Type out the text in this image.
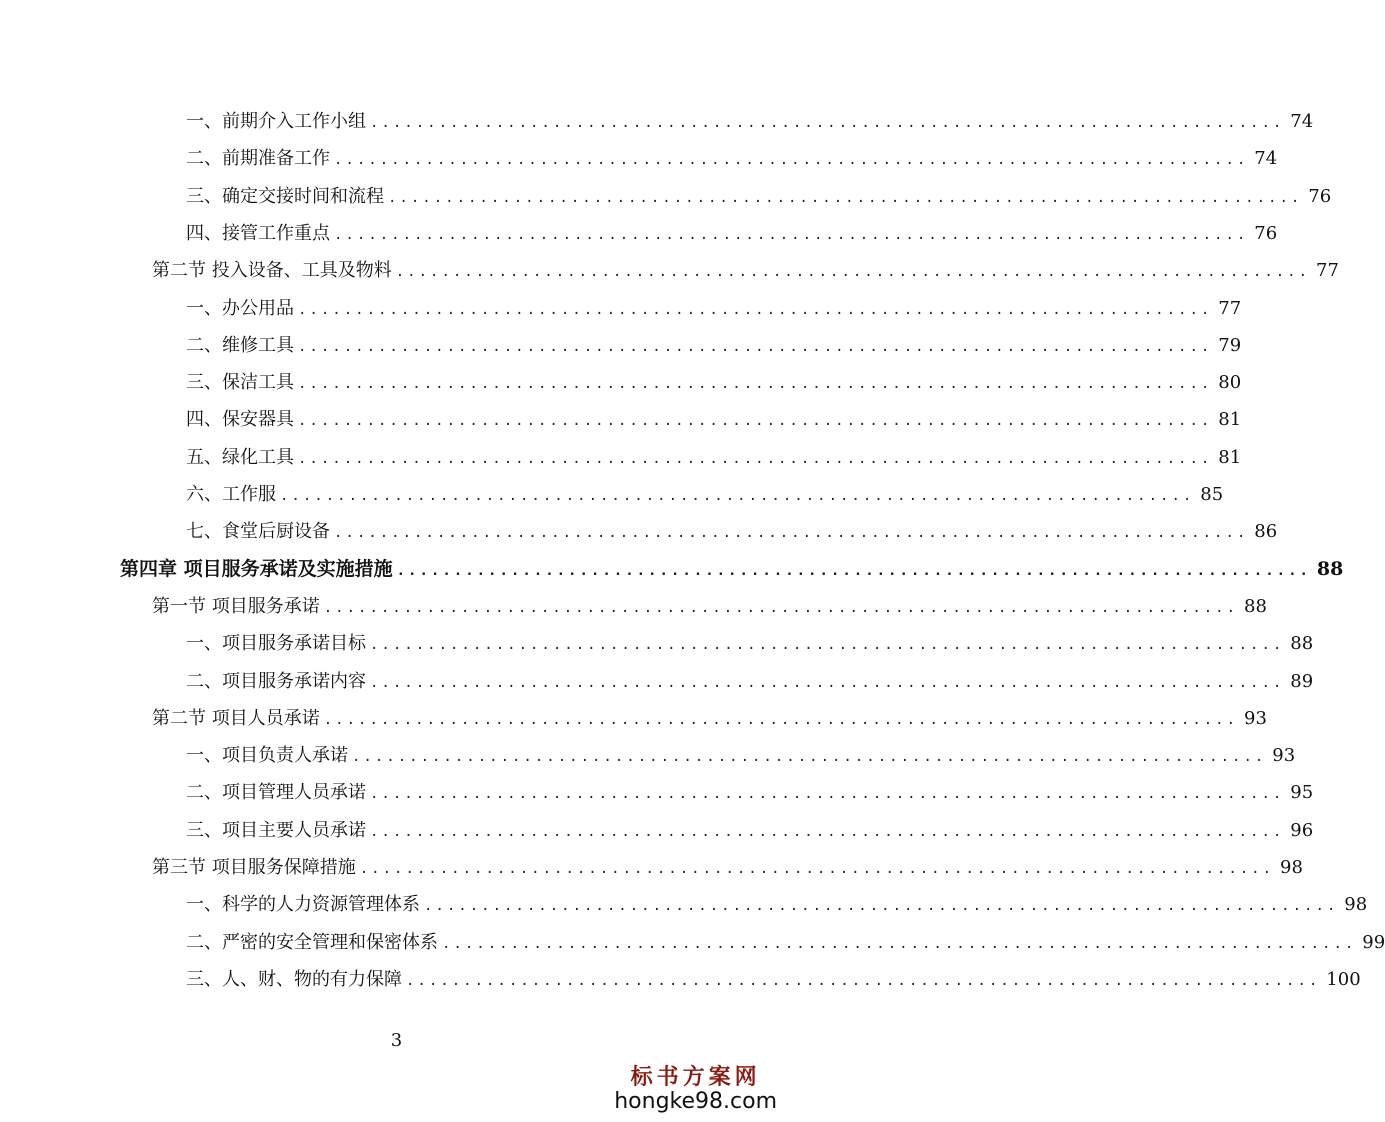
一、前期介入工作小组 ................................................................................ 74
二、前期准备工作 ................................................................................ 74
三、确定交接时间和流程 ................................................................................ 76
四、接管工作重点 ................................................................................ 76
第二节 投入设备、工具及物料 ................................................................................ 77
一、办公用品 ................................................................................ 77
二、维修工具 ................................................................................ 79
三、保洁工具 ................................................................................ 80
四、保安器具 ................................................................................ 81
五、绿化工具 ................................................................................ 81
六、工作服 ................................................................................ 85
七、食堂后厨设备 ................................................................................ 86
第四章 项目服务承诺及实施措施 ................................................................................ 88
第一节 项目服务承诺 ................................................................................ 88
一、项目服务承诺目标 ................................................................................ 88
二、项目服务承诺内容 ................................................................................ 89
第二节 项目人员承诺 ................................................................................ 93
一、项目负责人承诺 ................................................................................ 93
二、项目管理人员承诺 ................................................................................ 95
三、项目主要人员承诺 ................................................................................ 96
第三节 项目服务保障措施 ................................................................................ 98
一、科学的人力资源管理体系 ................................................................................ 98
二、严密的安全管理和保密体系 ................................................................................ 99
三、人、财、物的有力保障 ................................................................................ 100
3
标书方案网
hongke98.com
